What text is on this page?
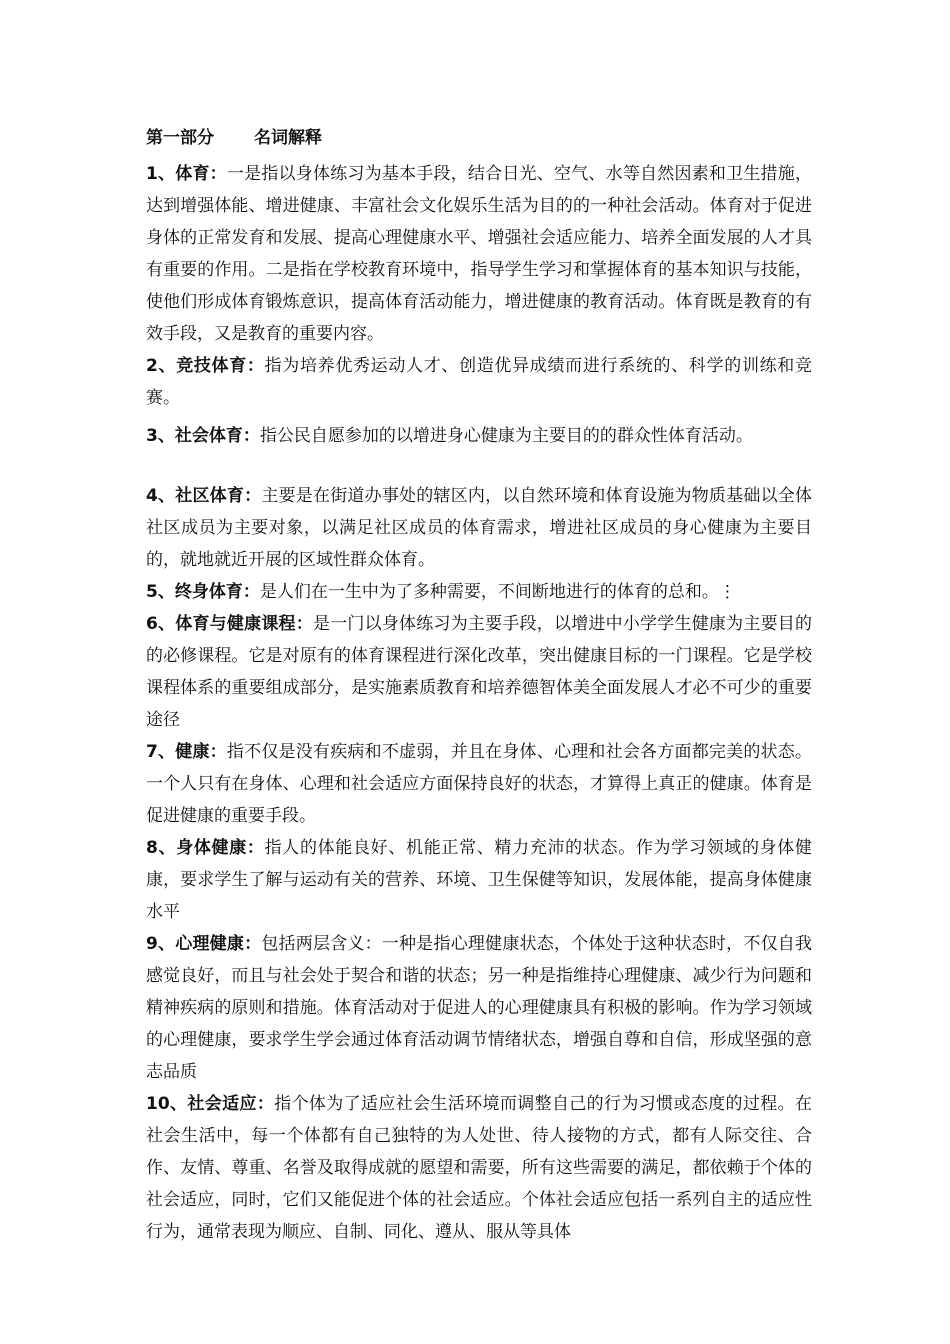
第一部分 名词解释

1、体育：一是指以身体练习为基本手段，结合日光、空气、水等自然因素和卫生措施，达到增强体能、增进健康、丰富社会文化娱乐生活为目的的一种社会活动。体育对于促进身体的正常发育和发展、提高心理健康水平、增强社会适应能力、培养全面发展的人才具有重要的作用。二是指在学校教育环境中，指导学生学习和掌握体育的基本知识与技能，使他们形成体育锻炼意识，提高体育活动能力，增进健康的教育活动。体育既是教育的有效手段，又是教育的重要内容。

2、竞技体育：指为培养优秀运动人才、创造优异成绩而进行系统的、科学的训练和竞赛。

3、社会体育：指公民自愿参加的以增进身心健康为主要目的的群众性体育活动。

4、社区体育：主要是在街道办事处的辖区内，以自然环境和体育设施为物质基础以全体社区成员为主要对象，以满足社区成员的体育需求，增进社区成员的身心健康为主要目的，就地就近开展的区域性群众体育。

5、终身体育：是人们在一生中为了多种需要，不间断地进行的体育的总和。⋮

6、体育与健康课程：是一门以身体练习为主要手段，以增进中小学学生健康为主要目的的必修课程。它是对原有的体育课程进行深化改革，突出健康目标的一门课程。它是学校课程体系的重要组成部分，是实施素质教育和培养德智体美全面发展人才必不可少的重要途径

7、健康：指不仅是没有疾病和不虚弱，并且在身体、心理和社会各方面都完美的状态。一个人只有在身体、心理和社会适应方面保持良好的状态，才算得上真正的健康。体育是促进健康的重要手段。

8、身体健康：指人的体能良好、机能正常、精力充沛的状态。作为学习领域的身体健康，要求学生了解与运动有关的营养、环境、卫生保健等知识，发展体能，提高身体健康水平

9、心理健康：包括两层含义：一种是指心理健康状态，个体处于这种状态时，不仅自我感觉良好，而且与社会处于契合和谐的状态；另一种是指维持心理健康、减少行为问题和精神疾病的原则和措施。体育活动对于促进人的心理健康具有积极的影响。作为学习领域的心理健康，要求学生学会通过体育活动调节情绪状态，增强自尊和自信，形成坚强的意志品质

10、社会适应：指个体为了适应社会生活环境而调整自己的行为习惯或态度的过程。在社会生活中，每一个体都有自己独特的为人处世、待人接物的方式，都有人际交往、合作、友情、尊重、名誉及取得成就的愿望和需要，所有这些需要的满足，都依赖于个体的社会适应，同时，它们又能促进个体的社会适应。个体社会适应包括一系列自主的适应性行为，通常表现为顺应、自制、同化、遵从、服从等具体
